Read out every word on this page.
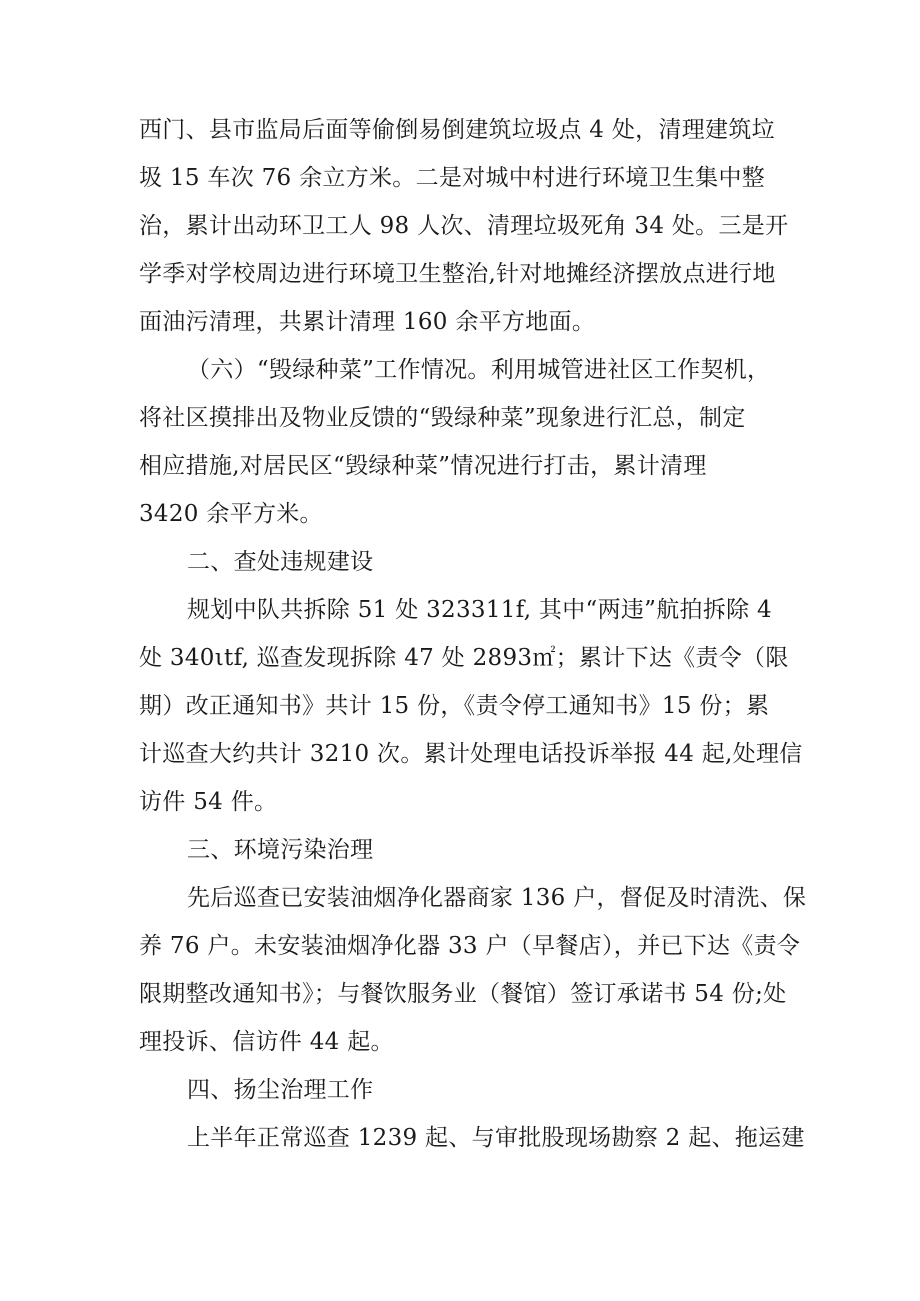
西门、县市监局后面等偷倒易倒建筑垃圾点 4 处，清理建筑垃
圾 15 车次 76 余立方米。二是对城中村进行环境卫生集中整
治，累计出动环卫工人 98 人次、清理垃圾死角 34 处。三是开
学季对学校周边进行环境卫生整治,针对地摊经济摆放点进行地
面油污清理，共累计清理 160 余平方地面。
（六）“毁绿种菜”工作情况。利用城管进社区工作契机，
将社区摸排出及物业反馈的“毁绿种菜”现象进行汇总，制定
相应措施,对居民区“毁绿种菜”情况进行打击，累计清理
3420 余平方米。
二、查处违规建设
规划中队共拆除 51 处 323311f, 其中“两违”航拍拆除 4
处 340ιtf, 巡查发现拆除 47 处 2893㎡；累计下达《责令（限
期）改正通知书》共计 15 份，《责令停工通知书》15 份；累
计巡查大约共计 3210 次。累计处理电话投诉举报 44 起,处理信
访件 54 件。
三、环境污染治理
先后巡查已安装油烟净化器商家 136 户，督促及时清洗、保
养 76 户。未安装油烟净化器 33 户（早餐店），并已下达《责令
限期整改通知书》；与餐饮服务业（餐馆）签订承诺书 54 份;处
理投诉、信访件 44 起。
四、扬尘治理工作
上半年正常巡查 1239 起、与审批股现场勘察 2 起、拖运建
